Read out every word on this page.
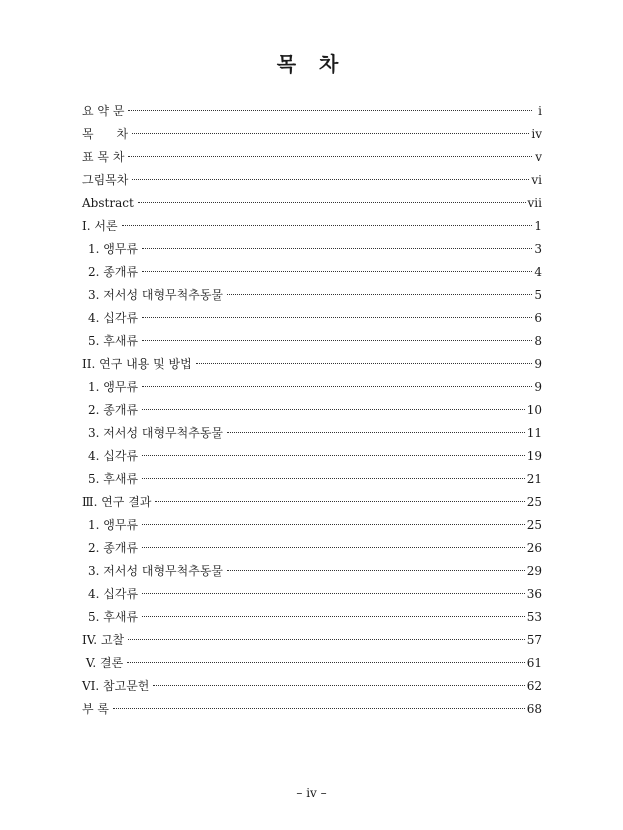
목 차
요 약 문	i
목      차	iv
표 목 차	v
그림목차	vi
Abstract	vii
I. 서론	1
1. 앵무류	3
2. 종개류	4
3. 저서성 대형무척추동물	5
4. 십각류	6
5. 후새류	8
II. 연구 내용 및 방법	9
1. 앵무류	9
2. 종개류	10
3. 저서성 대형무척추동물	11
4. 십각류	19
5. 후새류	21
Ⅲ. 연구 결과	25
1. 앵무류	25
2. 종개류	26
3. 저서성 대형무척추동물	29
4. 십각류	36
5. 후새류	53
IV. 고찰	57
V. 결론	61
VI. 참고문헌	62
부 록	68
– iv –
